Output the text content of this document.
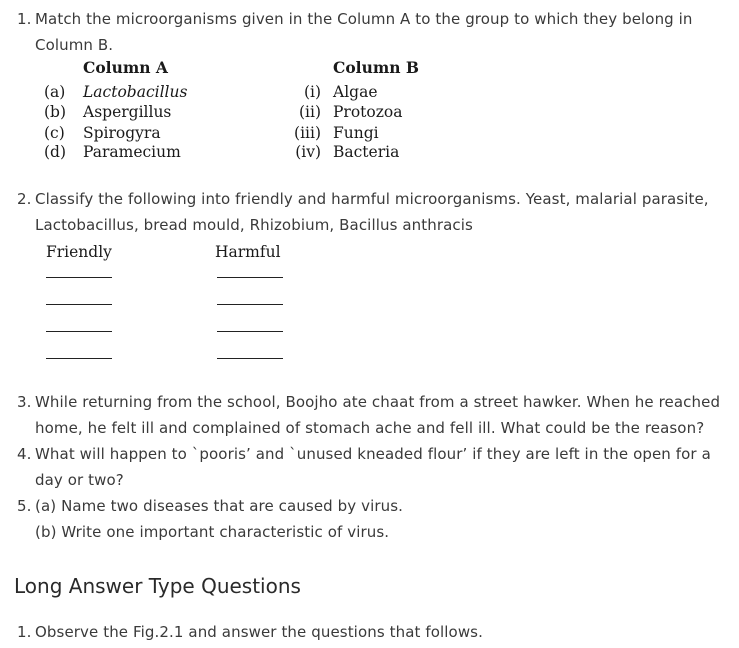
1. Match the microorganisms given in the Column A to the group to which they belong in
Column B.
Column A	Column B
(a) Lactobacillus
(b) Aspergillus
(c) Spirogyra
(d) Paramecium
(i) Algae
(ii) Protozoa
(iii) Fungi
(iv) Bacteria
2. Classify the following into friendly and harmful microorganisms. Yeast, malarial parasite,
Lactobacillus, bread mould, Rhizobium, Bacillus anthracis
Friendly	Harmful
3. While returning from the school, Boojho ate chaat from a street hawker. When he reached
home, he felt ill and complained of stomach ache and fell ill. What could be the reason?
4. What will happen to `pooris’ and `unused kneaded flour’ if they are left in the open for a
day or two?
5. (a) Name two diseases that are caused by virus.
(b) Write one important characteristic of virus.
Long Answer Type Questions
1. Observe the Fig.2.1 and answer the questions that follows.
